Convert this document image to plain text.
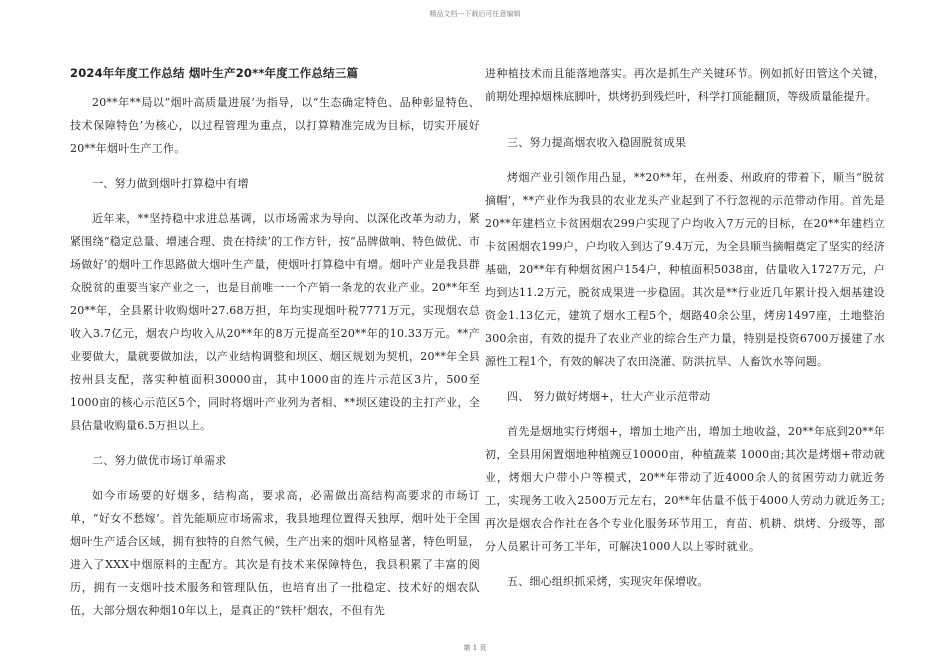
精品文档---下载后可任意编辑
2024年年度工作总结 烟叶生产20**年度工作总结三篇

20**年**局以“烟叶高质量进展’为指导，以“生态确定特色、品种彰显特色、技术保障特色’为核心，以过程管理为重点，以打算精准完成为目标，切实开展好20**年烟叶生产工作。

一、努力做到烟叶打算稳中有增

近年来，**坚持稳中求进总基调，以市场需求为导向、以深化改革为动力，紧紧围绕“稳定总量、增速合理、贵在持续’的工作方针，按“品牌做响、特色做优、市场做好’的烟叶工作思路做大烟叶生产量，使烟叶打算稳中有增。烟叶产业是我县群众脱贫的重要当家产业之一，也是目前唯一一个产销一条龙的农业产业。20**年至20**年，全县累计收购烟叶27.68万担，年均实现烟叶税7771万元，实现烟农总收入3.7亿元，烟农户均收入从20**年的8万元提高至20**年的10.33万元。**产业要做大，量就要做加法，以产业结构调整和坝区、烟区规划为契机，20**年全县按州县支配，落实种植面积30000亩，其中1000亩的连片示范区3片，500至1000亩的核心示范区5个，同时将烟叶产业列为者相、**坝区建设的主打产业，全县估量收购量6.5万担以上。

二、努力做优市场订单需求

如今市场要的好烟多，结构高，要求高，必需做出高结构高要求的市场订单，“好女不愁嫁’。首先能顺应市场需求，我县地理位置得天独厚，烟叶处于全国烟叶生产适合区域，拥有独特的自然气候，生产出来的烟叶风格显著，特色明显，进入了XXX中烟原料的主配方。其次是有技术来保障特色，我县积累了丰富的阅历，拥有一支烟叶技术服务和管理队伍，也培育出了一批稳定、技术好的烟农队伍，大部分烟农种烟10年以上，是真正的“铁杆’烟农，不但有先

进种植技术而且能落地落实。再次是抓生产关键环节。例如抓好田管这个关键，前期处理掉烟株底脚叶，烘烤扔到残烂叶，科学打顶能翻顶，等级质量能提升。

三、努力提高烟农收入稳固脱贫成果

烤烟产业引领作用凸显，**20**年，在州委、州政府的带着下，顺当“脱贫摘帽’，**产业作为我县的农业龙头产业起到了不行忽视的示范带动作用。首先是20**年建档立卡贫困烟农299户实现了户均收入7万元的目标，在20**年建档立卡贫困烟农199户，户均收入到达了9.4万元，为全县顺当摘帽奠定了坚实的经济基础，20**年有种烟贫困户154户，种植面积5038亩，估量收入1727万元，户均到达11.2万元，脱贫成果进一步稳固。其次是**行业近几年累计投入烟基建设资金1.13亿元，建筑了烟水工程5个，烟路40余公里，烤房1497座，土地整治300余亩，有效的提升了农业产业的综合生产力量，特别是投资6700万援建了水源性工程1个，有效的解决了农田浇灌、防洪抗旱、人畜饮水等问题。

四、 努力做好烤烟+，壮大产业示范带动

首先是烟地实行烤烟+，增加土地产出，增加土地收益，20**年底到20**年初，全县用闲置烟地种植豌豆10000亩，种植蔬菜 1000亩;其次是烤烟+带动就业，烤烟大户带小户等模式，20**年带动了近4000余人的贫困劳动力就近务工，实现务工收入2500万元左右，20**年估量不低于4000人劳动力就近务工;再次是烟农合作社在各个专业化服务环节用工，育苗、机耕、烘烤、分级等，部分人员累计可务工半年，可解决1000人以上零时就业。

五、细心组织抓采烤，实现灾年保增收。

第 1 页
